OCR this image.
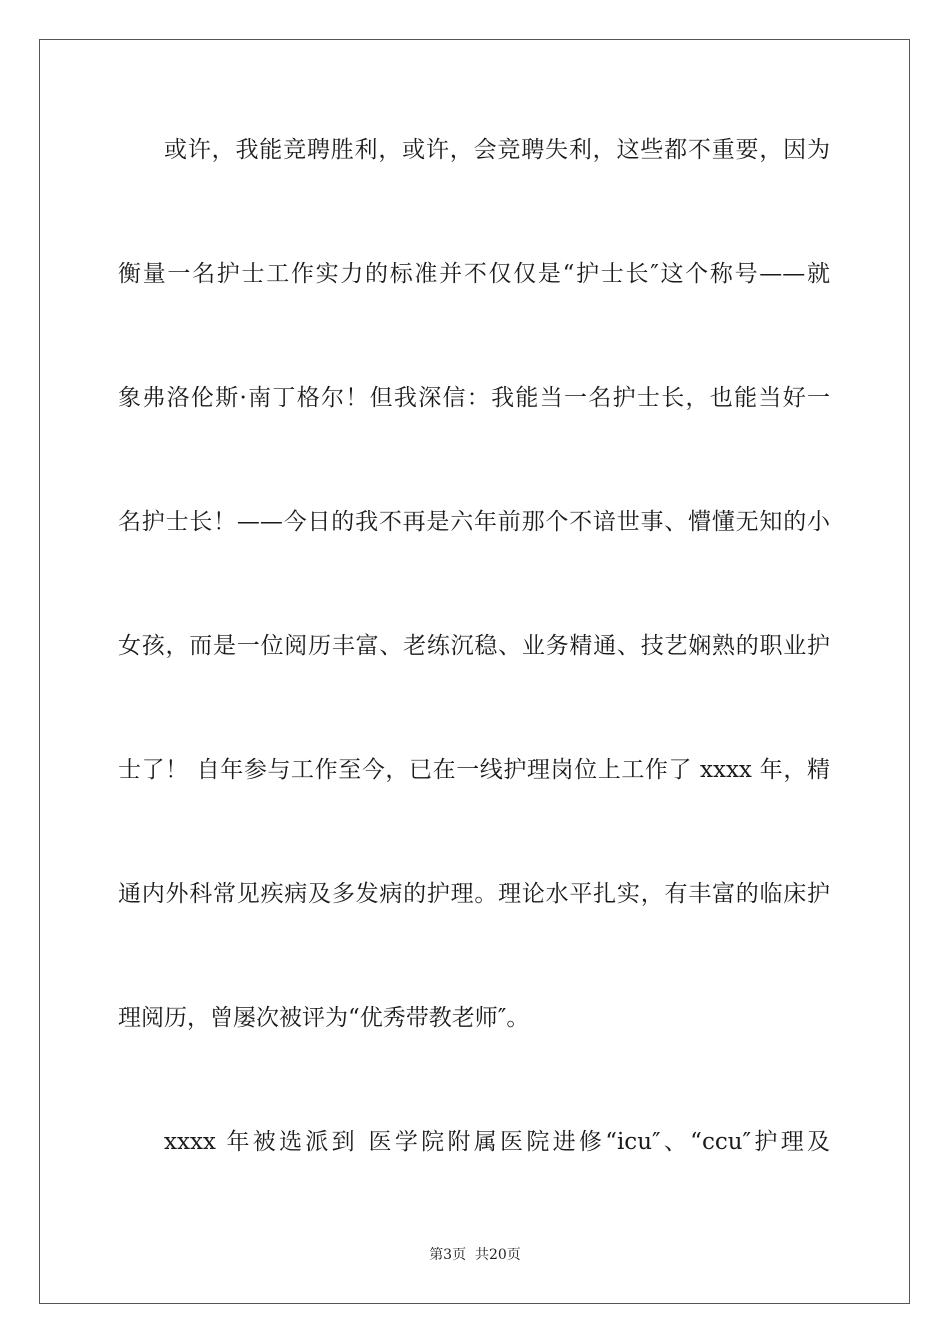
或许，我能竞聘胜利，或许，会竞聘失利，这些都不重要，因为
衡量一名护士工作实力的标准并不仅仅是“护士长″这个称号——就
象弗洛伦斯·南丁格尔！但我深信：我能当一名护士长，也能当好一
名护士长！——今日的我不再是六年前那个不谙世事、懵懂无知的小
女孩，而是一位阅历丰富、老练沉稳、业务精通、技艺娴熟的职业护
士了！ 自年参与工作至今，已在一线护理岗位上工作了 xxxx 年，精
通内外科常见疾病及多发病的护理。理论水平扎实，有丰富的临床护
理阅历，曾屡次被评为“优秀带教老师″。
xxxx 年被选派到 医学院附属医院进修“icu″、“ccu″护理及
第3页  共20页
